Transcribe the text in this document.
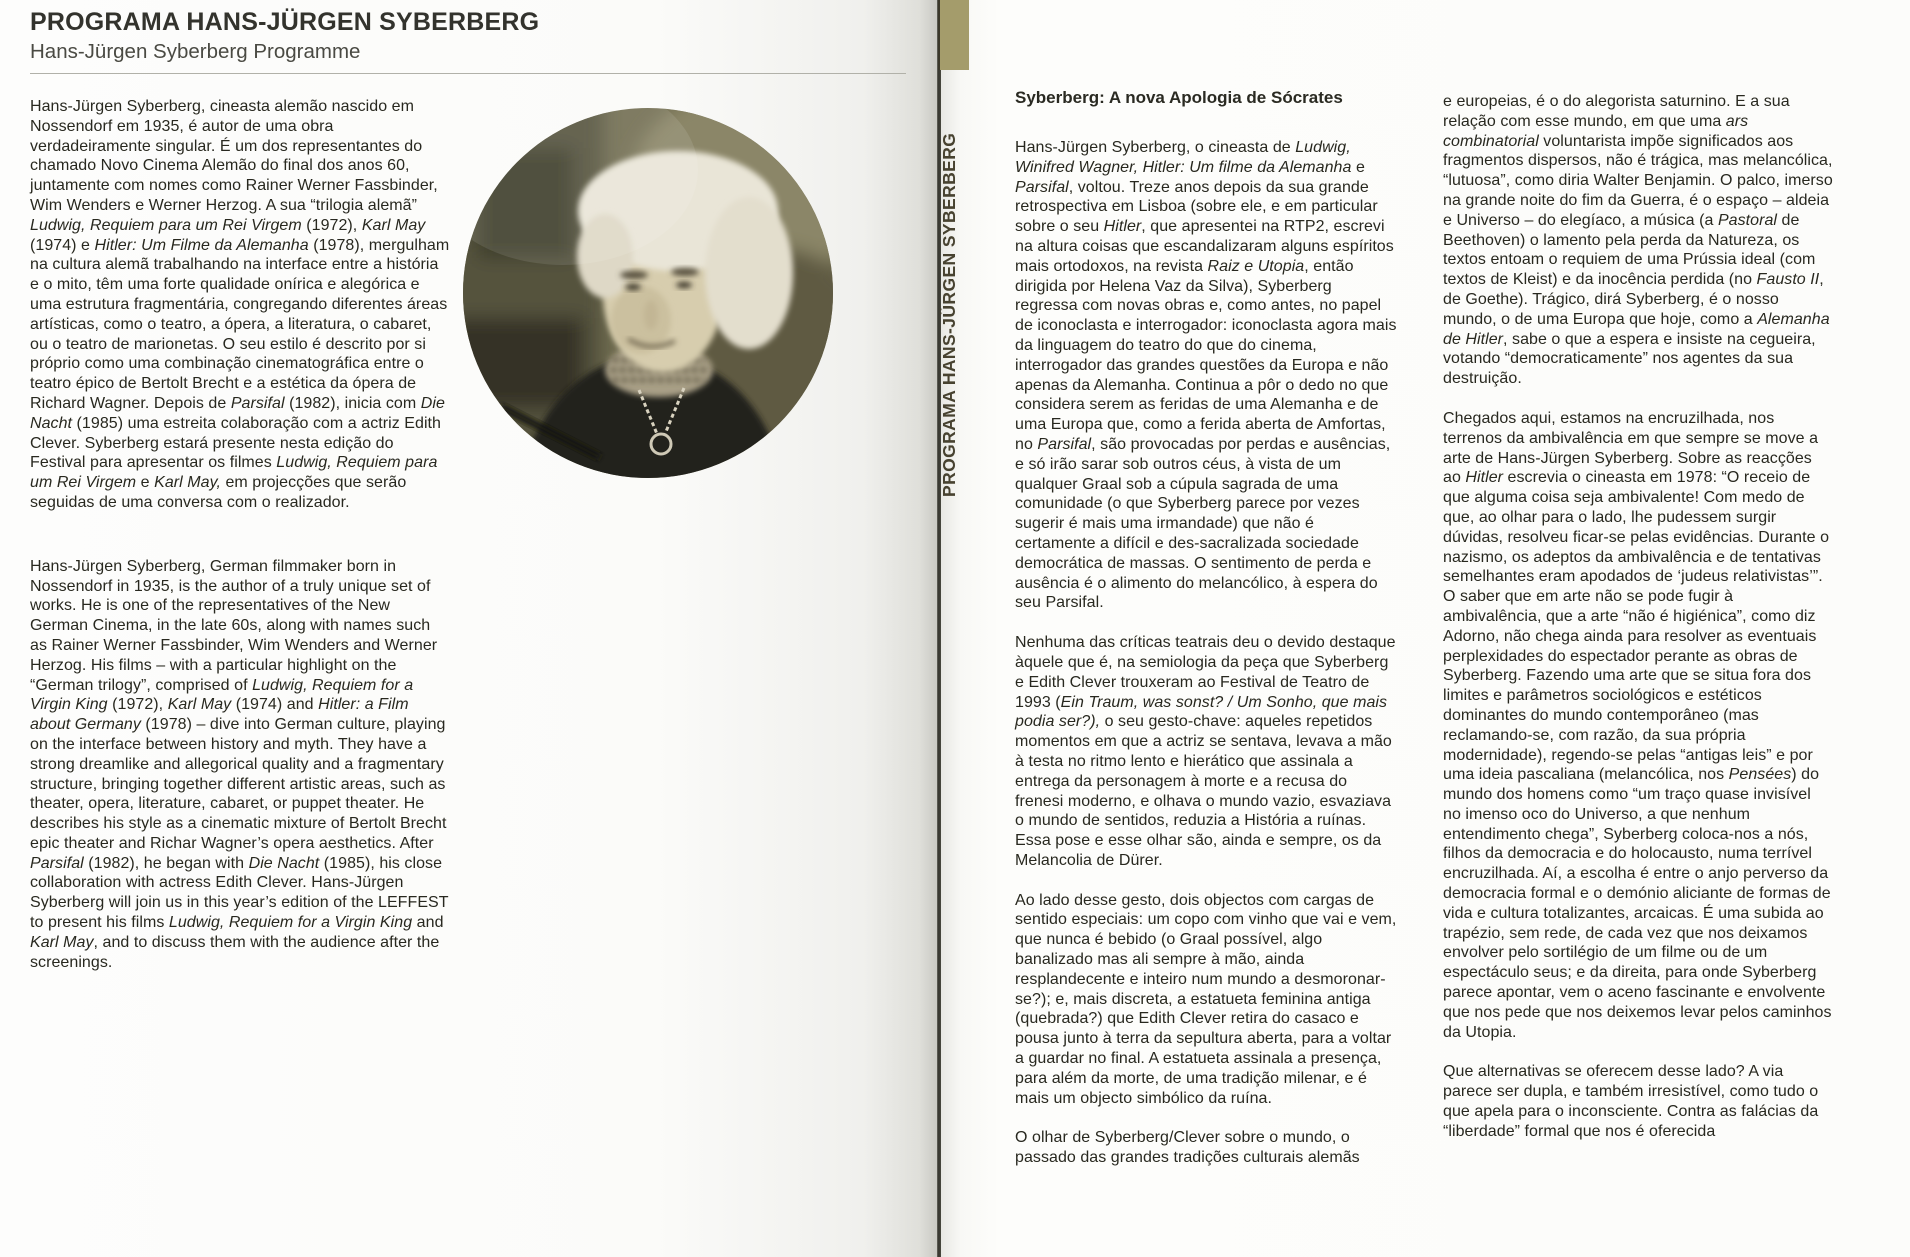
PROGRAMA HANS-JÜRGEN SYBERBERG
Hans-Jürgen Syberberg Programme

Hans-Jürgen Syberberg, cineasta alemão nascido em Nossendorf em 1935, é autor de uma obra verdadeiramente singular. É um dos representantes do chamado Novo Cinema Alemão do final dos anos 60, juntamente com nomes como Rainer Werner Fassbinder, Wim Wenders e Werner Herzog. A sua “trilogia alemã” Ludwig, Requiem para um Rei Virgem (1972), Karl May (1974) e Hitler: Um Filme da Alemanha (1978), mergulham na cultura alemã trabalhando na interface entre a história e o mito, têm uma forte qualidade onírica e alegórica e uma estrutura fragmentária, congregando diferentes áreas artísticas, como o teatro, a ópera, a literatura, o cabaret, ou o teatro de marionetas. O seu estilo é descrito por si próprio como uma combinação cinematográfica entre o teatro épico de Bertolt Brecht e a estética da ópera de Richard Wagner. Depois de Parsifal (1982), inicia com Die Nacht (1985) uma estreita colaboração com a actriz Edith Clever. Syberberg estará presente nesta edição do Festival para apresentar os filmes Ludwig, Requiem para um Rei Virgem e Karl May, em projecções que serão seguidas de uma conversa com o realizador.

Hans-Jürgen Syberberg, German filmmaker born in Nossendorf in 1935, is the author of a truly unique set of works. He is one of the representatives of the New German Cinema, in the late 60s, along with names such as Rainer Werner Fassbinder, Wim Wenders and Werner Herzog. His films – with a particular highlight on the “German trilogy”, comprised of Ludwig, Requiem for a Virgin King (1972), Karl May (1974) and Hitler: a Film about Germany (1978) – dive into German culture, playing on the interface between history and myth. They have a strong dreamlike and allegorical quality and a fragmentary structure, bringing together different artistic areas, such as theater, opera, literature, cabaret, or puppet theater. He describes his style as a cinematic mixture of Bertolt Brecht epic theater and Richar Wagner’s opera aesthetics. After Parsifal (1982), he began with Die Nacht (1985), his close collaboration with actress Edith Clever. Hans-Jürgen Syberberg will join us in this year’s edition of the LEFFEST to present his films Ludwig, Requiem for a Virgin King and Karl May, and to discuss them with the audience after the screenings.

Syberberg: A nova Apologia de Sócrates

Hans-Jürgen Syberberg, o cineasta de Ludwig, Winifred Wagner, Hitler: Um filme da Alemanha e Parsifal, voltou. Treze anos depois da sua grande retrospectiva em Lisboa (sobre ele, e em particular sobre o seu Hitler, que apresentei na RTP2, escrevi na altura coisas que escandalizaram alguns espíritos mais ortodoxos, na revista Raiz e Utopia, então dirigida por Helena Vaz da Silva), Syberberg regressa com novas obras e, como antes, no papel de iconoclasta e interrogador: iconoclasta agora mais da linguagem do teatro do que do cinema, interrogador das grandes questões da Europa e não apenas da Alemanha. Continua a pôr o dedo no que considera serem as feridas de uma Alemanha e de uma Europa que, como a ferida aberta de Amfortas, no Parsifal, são provocadas por perdas e ausências, e só irão sarar sob outros céus, à vista de um qualquer Graal sob a cúpula sagrada de uma comunidade (o que Syberberg parece por vezes sugerir é mais uma irmandade) que não é certamente a difícil e des-sacralizada sociedade democrática de massas. O sentimento de perda e ausência é o alimento do melancólico, à espera do seu Parsifal.

Nenhuma das críticas teatrais deu o devido destaque àquele que é, na semiologia da peça que Syberberg e Edith Clever trouxeram ao Festival de Teatro de 1993 (Ein Traum, was sonst? / Um Sonho, que mais podia ser?), o seu gesto-chave: aqueles repetidos momentos em que a actriz se sentava, levava a mão à testa no ritmo lento e hierático que assinala a entrega da personagem à morte e a recusa do frenesi moderno, e olhava o mundo vazio, esvaziava o mundo de sentidos, reduzia a História a ruínas. Essa pose e esse olhar são, ainda e sempre, os da Melancolia de Dürer.

Ao lado desse gesto, dois objectos com cargas de sentido especiais: um copo com vinho que vai e vem, que nunca é bebido (o Graal possível, algo banalizado mas ali sempre à mão, ainda resplandecente e inteiro num mundo a desmoronar-se?); e, mais discreta, a estatueta feminina antiga (quebrada?) que Edith Clever retira do casaco e pousa junto à terra da sepultura aberta, para a voltar a guardar no final. A estatueta assinala a presença, para além da morte, de uma tradição milenar, e é mais um objecto simbólico da ruína.

O olhar de Syberberg/Clever sobre o mundo, o passado das grandes tradições culturais alemãs

e europeias, é o do alegorista saturnino. E a sua relação com esse mundo, em que uma ars combinatorial voluntarista impõe significados aos fragmentos dispersos, não é trágica, mas melancólica, “lutuosa”, como diria Walter Benjamin. O palco, imerso na grande noite do fim da Guerra, é o espaço – aldeia e Universo – do elegíaco, a música (a Pastoral de Beethoven) o lamento pela perda da Natureza, os textos entoam o requiem de uma Prússia ideal (com textos de Kleist) e da inocência perdida (no Fausto II, de Goethe). Trágico, dirá Syberberg, é o nosso mundo, o de uma Europa que hoje, como a Alemanha de Hitler, sabe o que a espera e insiste na cegueira, votando “democraticamente” nos agentes da sua destruição.

Chegados aqui, estamos na encruzilhada, nos terrenos da ambivalência em que sempre se move a arte de Hans-Jürgen Syberberg. Sobre as reacções ao Hitler escrevia o cineasta em 1978: “O receio de que alguma coisa seja ambivalente! Com medo de que, ao olhar para o lado, lhe pudessem surgir dúvidas, resolveu ficar-se pelas evidências. Durante o nazismo, os adeptos da ambivalência e de tentativas semelhantes eram apodados de ‘judeus relativistas’”. O saber que em arte não se pode fugir à ambivalência, que a arte “não é higiénica”, como diz Adorno, não chega ainda para resolver as eventuais perplexidades do espectador perante as obras de Syberberg. Fazendo uma arte que se situa fora dos limites e parâmetros sociológicos e estéticos dominantes do mundo contemporâneo (mas reclamando-se, com razão, da sua própria modernidade), regendo-se pelas “antigas leis” e por uma ideia pascaliana (melancólica, nos Pensées) do mundo dos homens como “um traço quase invisível no imenso oco do Universo, a que nenhum entendimento chega”, Syberberg coloca-nos a nós, filhos da democracia e do holocausto, numa terrível encruzilhada. Aí, a escolha é entre o anjo perverso da democracia formal e o demónio aliciante de formas de vida e cultura totalizantes, arcaicas. É uma subida ao trapézio, sem rede, de cada vez que nos deixamos envolver pelo sortilégio de um filme ou de um espectáculo seus; e da direita, para onde Syberberg parece apontar, vem o aceno fascinante e envolvente que nos pede que nos deixemos levar pelos caminhos da Utopia.

Que alternativas se oferecem desse lado? A via parece ser dupla, e também irresistível, como tudo o que apela para o inconsciente. Contra as falácias da “liberdade” formal que nos é oferecida

PROGRAMA HANS-JÜRGEN SYBERBERG
